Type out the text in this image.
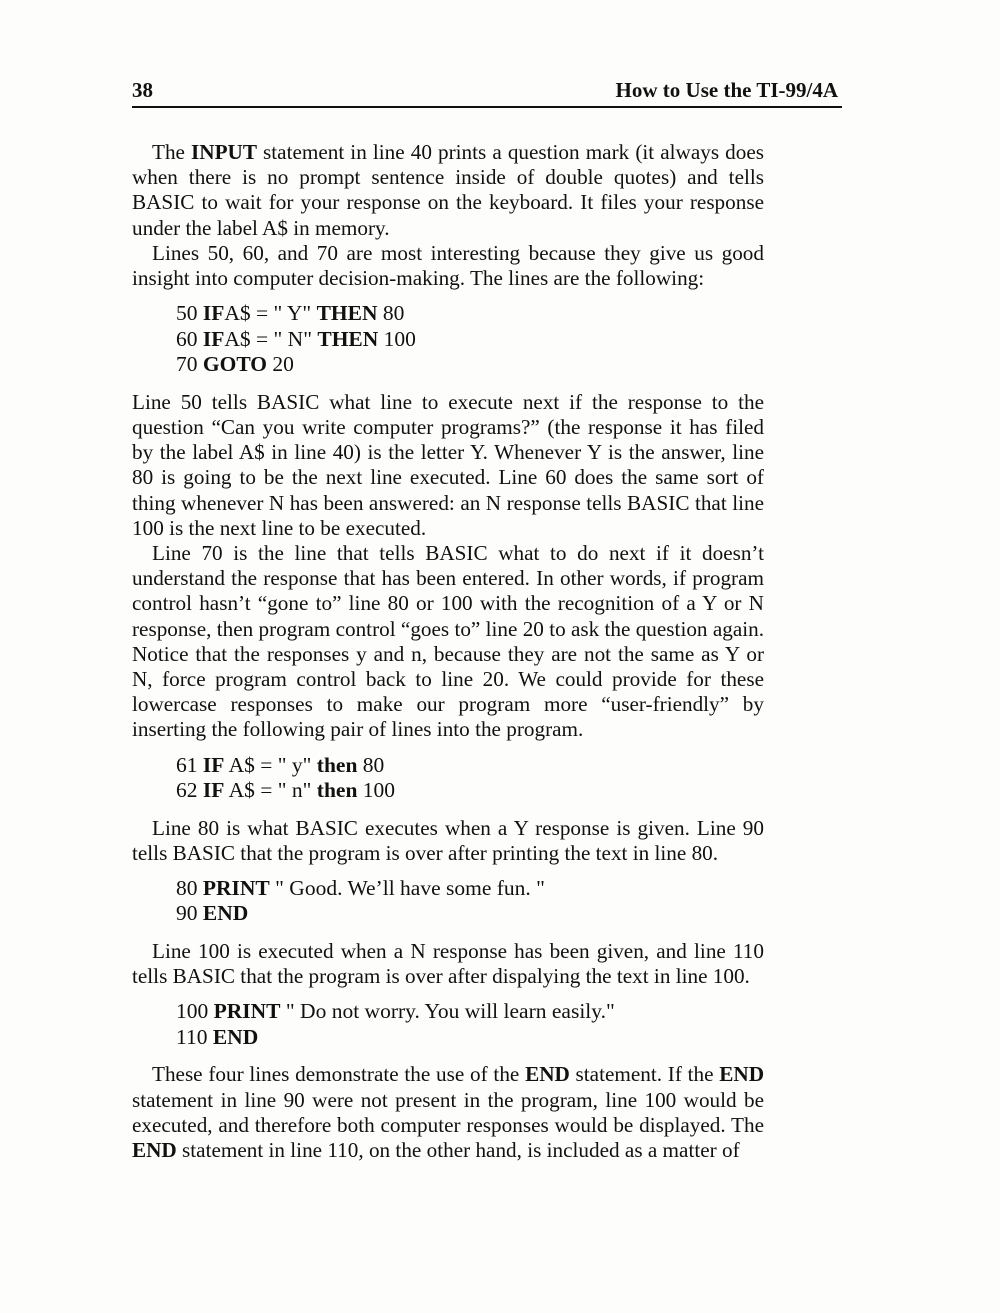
38	How to Use the TI-99/4A

The INPUT statement in line 40 prints a question mark (it always does when there is no prompt sentence inside of double quotes) and tells BASIC to wait for your response on the keyboard. It files your response under the label A$ in memory.

Lines 50, 60, and 70 are most interesting because they give us good insight into computer decision-making. The lines are the following:

50 IFA$ = " Y" THEN 80
60 IFA$ = " N" THEN 100
70 GOTO 20

Line 50 tells BASIC what line to execute next if the response to the question “Can you write computer programs?” (the response it has filed by the label A$ in line 40) is the letter Y. Whenever Y is the answer, line 80 is going to be the next line executed. Line 60 does the same sort of thing whenever N has been answered: an N response tells BASIC that line 100 is the next line to be executed.

Line 70 is the line that tells BASIC what to do next if it doesn’t understand the response that has been entered. In other words, if program control hasn’t “gone to” line 80 or 100 with the recognition of a Y or N response, then program control “goes to” line 20 to ask the question again. Notice that the responses y and n, because they are not the same as Y or N, force program control back to line 20. We could provide for these lowercase responses to make our program more “user-friendly” by inserting the following pair of lines into the program.

61 IF A$ = " y" then 80
62 IF A$ = " n" then 100

Line 80 is what BASIC executes when a Y response is given. Line 90 tells BASIC that the program is over after printing the text in line 80.

80 PRINT " Good. We’ll have some fun. "
90 END

Line 100 is executed when a N response has been given, and line 110 tells BASIC that the program is over after dispalying the text in line 100.

100 PRINT " Do not worry. You will learn easily."
110 END

These four lines demonstrate the use of the END statement. If the END statement in line 90 were not present in the program, line 100 would be executed, and therefore both computer responses would be displayed. The END statement in line 110, on the other hand, is included as a matter of
